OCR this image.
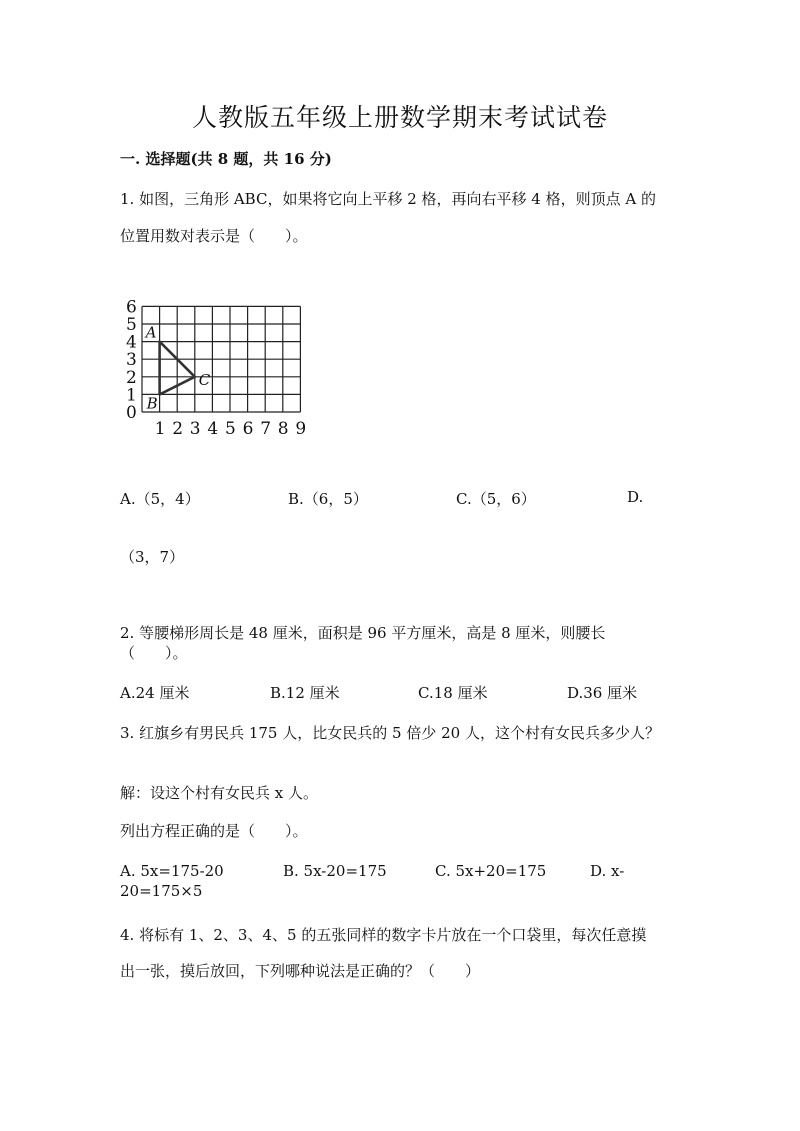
人教版五年级上册数学期末考试试卷
一. 选择题(共 8 题，共 16 分)
1. 如图，三角形 ABC，如果将它向上平移 2 格，再向右平移 4 格，则顶点 A 的
位置用数对表示是（　　）。
0
1
2
3
4
5
6
1 2 3 4 5 6 7 8 9
A
B
C
A.（5，4）	B.（6，5）	C.（5，6）	D.
（3，7）
2. 等腰梯形周长是 48 厘米，面积是 96 平方厘米，高是 8 厘米，则腰长
（　　）。
A.24 厘米	B.12 厘米	C.18 厘米	D.36 厘米
3. 红旗乡有男民兵 175 人，比女民兵的 5 倍少 20 人，这个村有女民兵多少人？
解：设这个村有女民兵 x 人。
列出方程正确的是（　　）。
A. 5x=175-20	B. 5x-20=175	C. 5x+20=175	D. x-
20=175×5
4. 将标有 1、2、3、4、5 的五张同样的数字卡片放在一个口袋里，每次任意摸
出一张，摸后放回，下列哪种说法是正确的？（　　）
